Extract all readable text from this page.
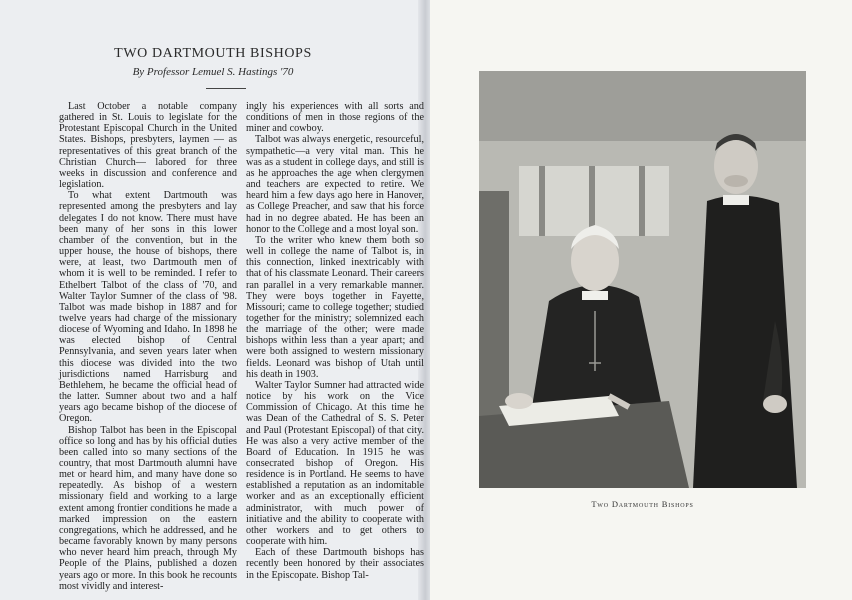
TWO DARTMOUTH BISHOPS
By Professor Lemuel S. Hastings '70

Last October a notable company gathered in St. Louis to legislate for the Protestant Episcopal Church in the United States. Bishops, presbyters, laymen — as representatives of this great branch of the Christian Church— labored for three weeks in discussion and conference and legislation.

To what extent Dartmouth was represented among the presbyters and lay delegates I do not know. There must have been many of her sons in this lower chamber of the convention, but in the upper house, the house of bishops, there were, at least, two Dartmouth men of whom it is well to be reminded. I refer to Ethelbert Talbot of the class of '70, and Walter Taylor Sumner of the class of '98. Talbot was made bishop in 1887 and for twelve years had charge of the missionary diocese of Wyoming and Idaho. In 1898 he was elected bishop of Central Pennsylvania, and seven years later when this diocese was divided into the two jurisdictions named Harrisburg and Bethlehem, he became the official head of the latter. Sumner about two and a half years ago became bishop of the diocese of Oregon.

Bishop Talbot has been in the Episcopal office so long and has by his official duties been called into so many sections of the country, that most Dartmouth alumni have met or heard him, and many have done so repeatedly. As bishop of a western missionary field and working to a large extent among frontier conditions he made a marked impression on the eastern congregations, which he addressed, and he became favorably known by many persons who never heard him preach, through My People of the Plains, published a dozen years ago or more. In this book he recounts most vividly and interest-

ingly his experiences with all sorts and conditions of men in those regions of the miner and cowboy.

Talbot was always energetic, resourceful, sympathetic—a very vital man. This he was as a student in college days, and still is as he approaches the age when clergymen and teachers are expected to retire. We heard him a few days ago here in Hanover, as College Preacher, and saw that his force had in no degree abated. He has been an honor to the College and a most loyal son.

To the writer who knew them both so well in college the name of Talbot is, in this connection, linked inextricably with that of his classmate Leonard. Their careers ran parallel in a very remarkable manner. They were boys together in Fayette, Missouri; came to college together; studied together for the ministry; solemnized each the marriage of the other; were made bishops within less than a year apart; and were both assigned to western missionary fields. Leonard was bishop of Utah until his death in 1903.

Walter Taylor Sumner had attracted wide notice by his work on the Vice Commission of Chicago. At this time he was Dean of the Cathedral of S. S. Peter and Paul (Protestant Episcopal) of that city. He was also a very active member of the Board of Education. In 1915 he was consecrated bishop of Oregon. His residence is in Portland. He seems to have established a reputation as an indomitable worker and as an exceptionally efficient administrator, with much power of initiative and the ability to cooperate with other workers and to get others to cooperate with him.

Each of these Dartmouth bishops has recently been honored by their associates in the Episcopate. Bishop Tal-

Two Dartmouth Bishops
